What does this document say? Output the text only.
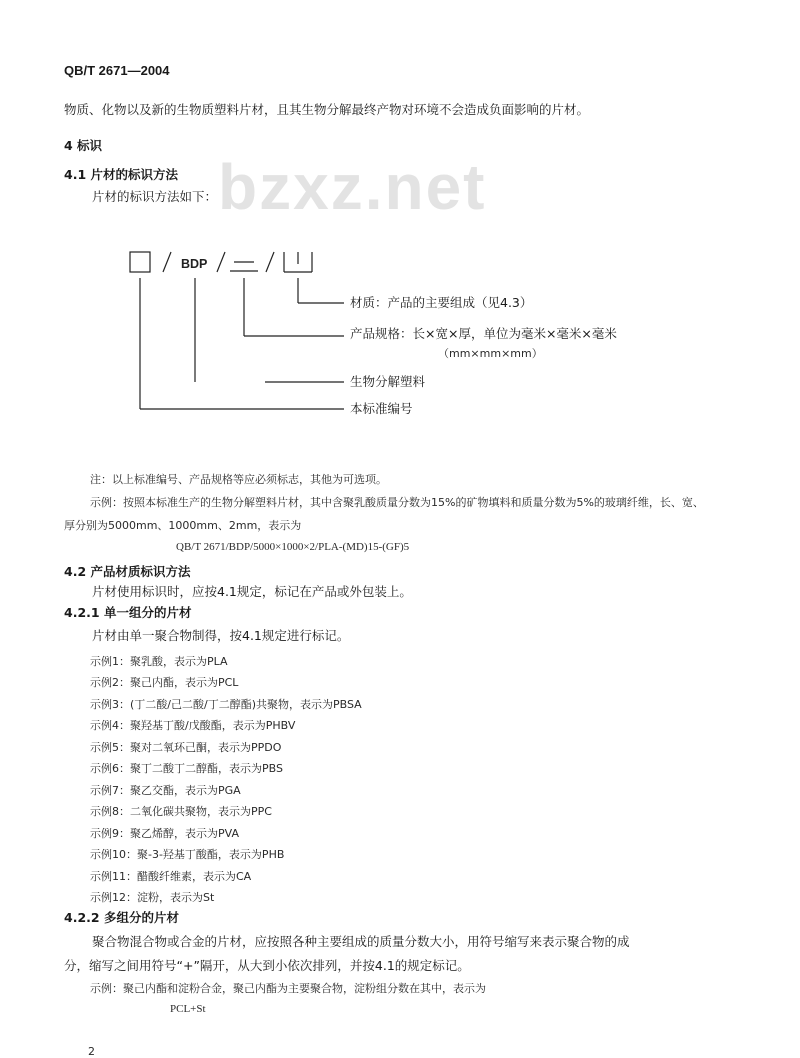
bzxz.net
QB/T 2671—2004
物质、化物以及新的生物质塑料片材，且其生物分解最终产物对环境不会造成负面影响的片材。
4 标识
4.1 片材的标识方法
片材的标识方法如下：
BDP
材质：产品的主要组成（见4.3）
产品规格：长×宽×厚，单位为毫米×毫米×毫米
（mm×mm×mm）
生物分解塑料
本标准编号
注：以上标准编号、产品规格等应必须标志，其他为可选项。
示例：按照本标准生产的生物分解塑料片材，其中含聚乳酸质量分数为15%的矿物填料和质量分数为5%的玻璃纤维，长、宽、
厚分别为5000mm、1000mm、2mm，表示为
QB/T 2671/BDP/5000×1000×2/PLA-(MD)15-(GF)5
4.2 产品材质标识方法
片材使用标识时，应按4.1规定，标记在产品或外包装上。
4.2.1 单一组分的片材
片材由单一聚合物制得，按4.1规定进行标记。
示例1：聚乳酸，表示为PLA
示例2：聚己内酯，表示为PCL
示例3：(丁二酸/己二酸/丁二醇酯)共聚物，表示为PBSA
示例4：聚羟基丁酸/戊酸酯，表示为PHBV
示例5：聚对二氧环己酮，表示为PPDO
示例6：聚丁二酸丁二醇酯，表示为PBS
示例7：聚乙交酯，表示为PGA
示例8：二氧化碳共聚物，表示为PPC
示例9：聚乙烯醇，表示为PVA
示例10：聚-3-羟基丁酸酯，表示为PHB
示例11：醋酸纤维素，表示为CA
示例12：淀粉，表示为St
4.2.2 多组分的片材
聚合物混合物或合金的片材，应按照各种主要组成的质量分数大小，用符号缩写来表示聚合物的成
分，缩写之间用符号“+”隔开，从大到小依次排列，并按4.1的规定标记。
示例：聚己内酯和淀粉合金，聚己内酯为主要聚合物，淀粉组分数在其中，表示为
PCL+St
2
